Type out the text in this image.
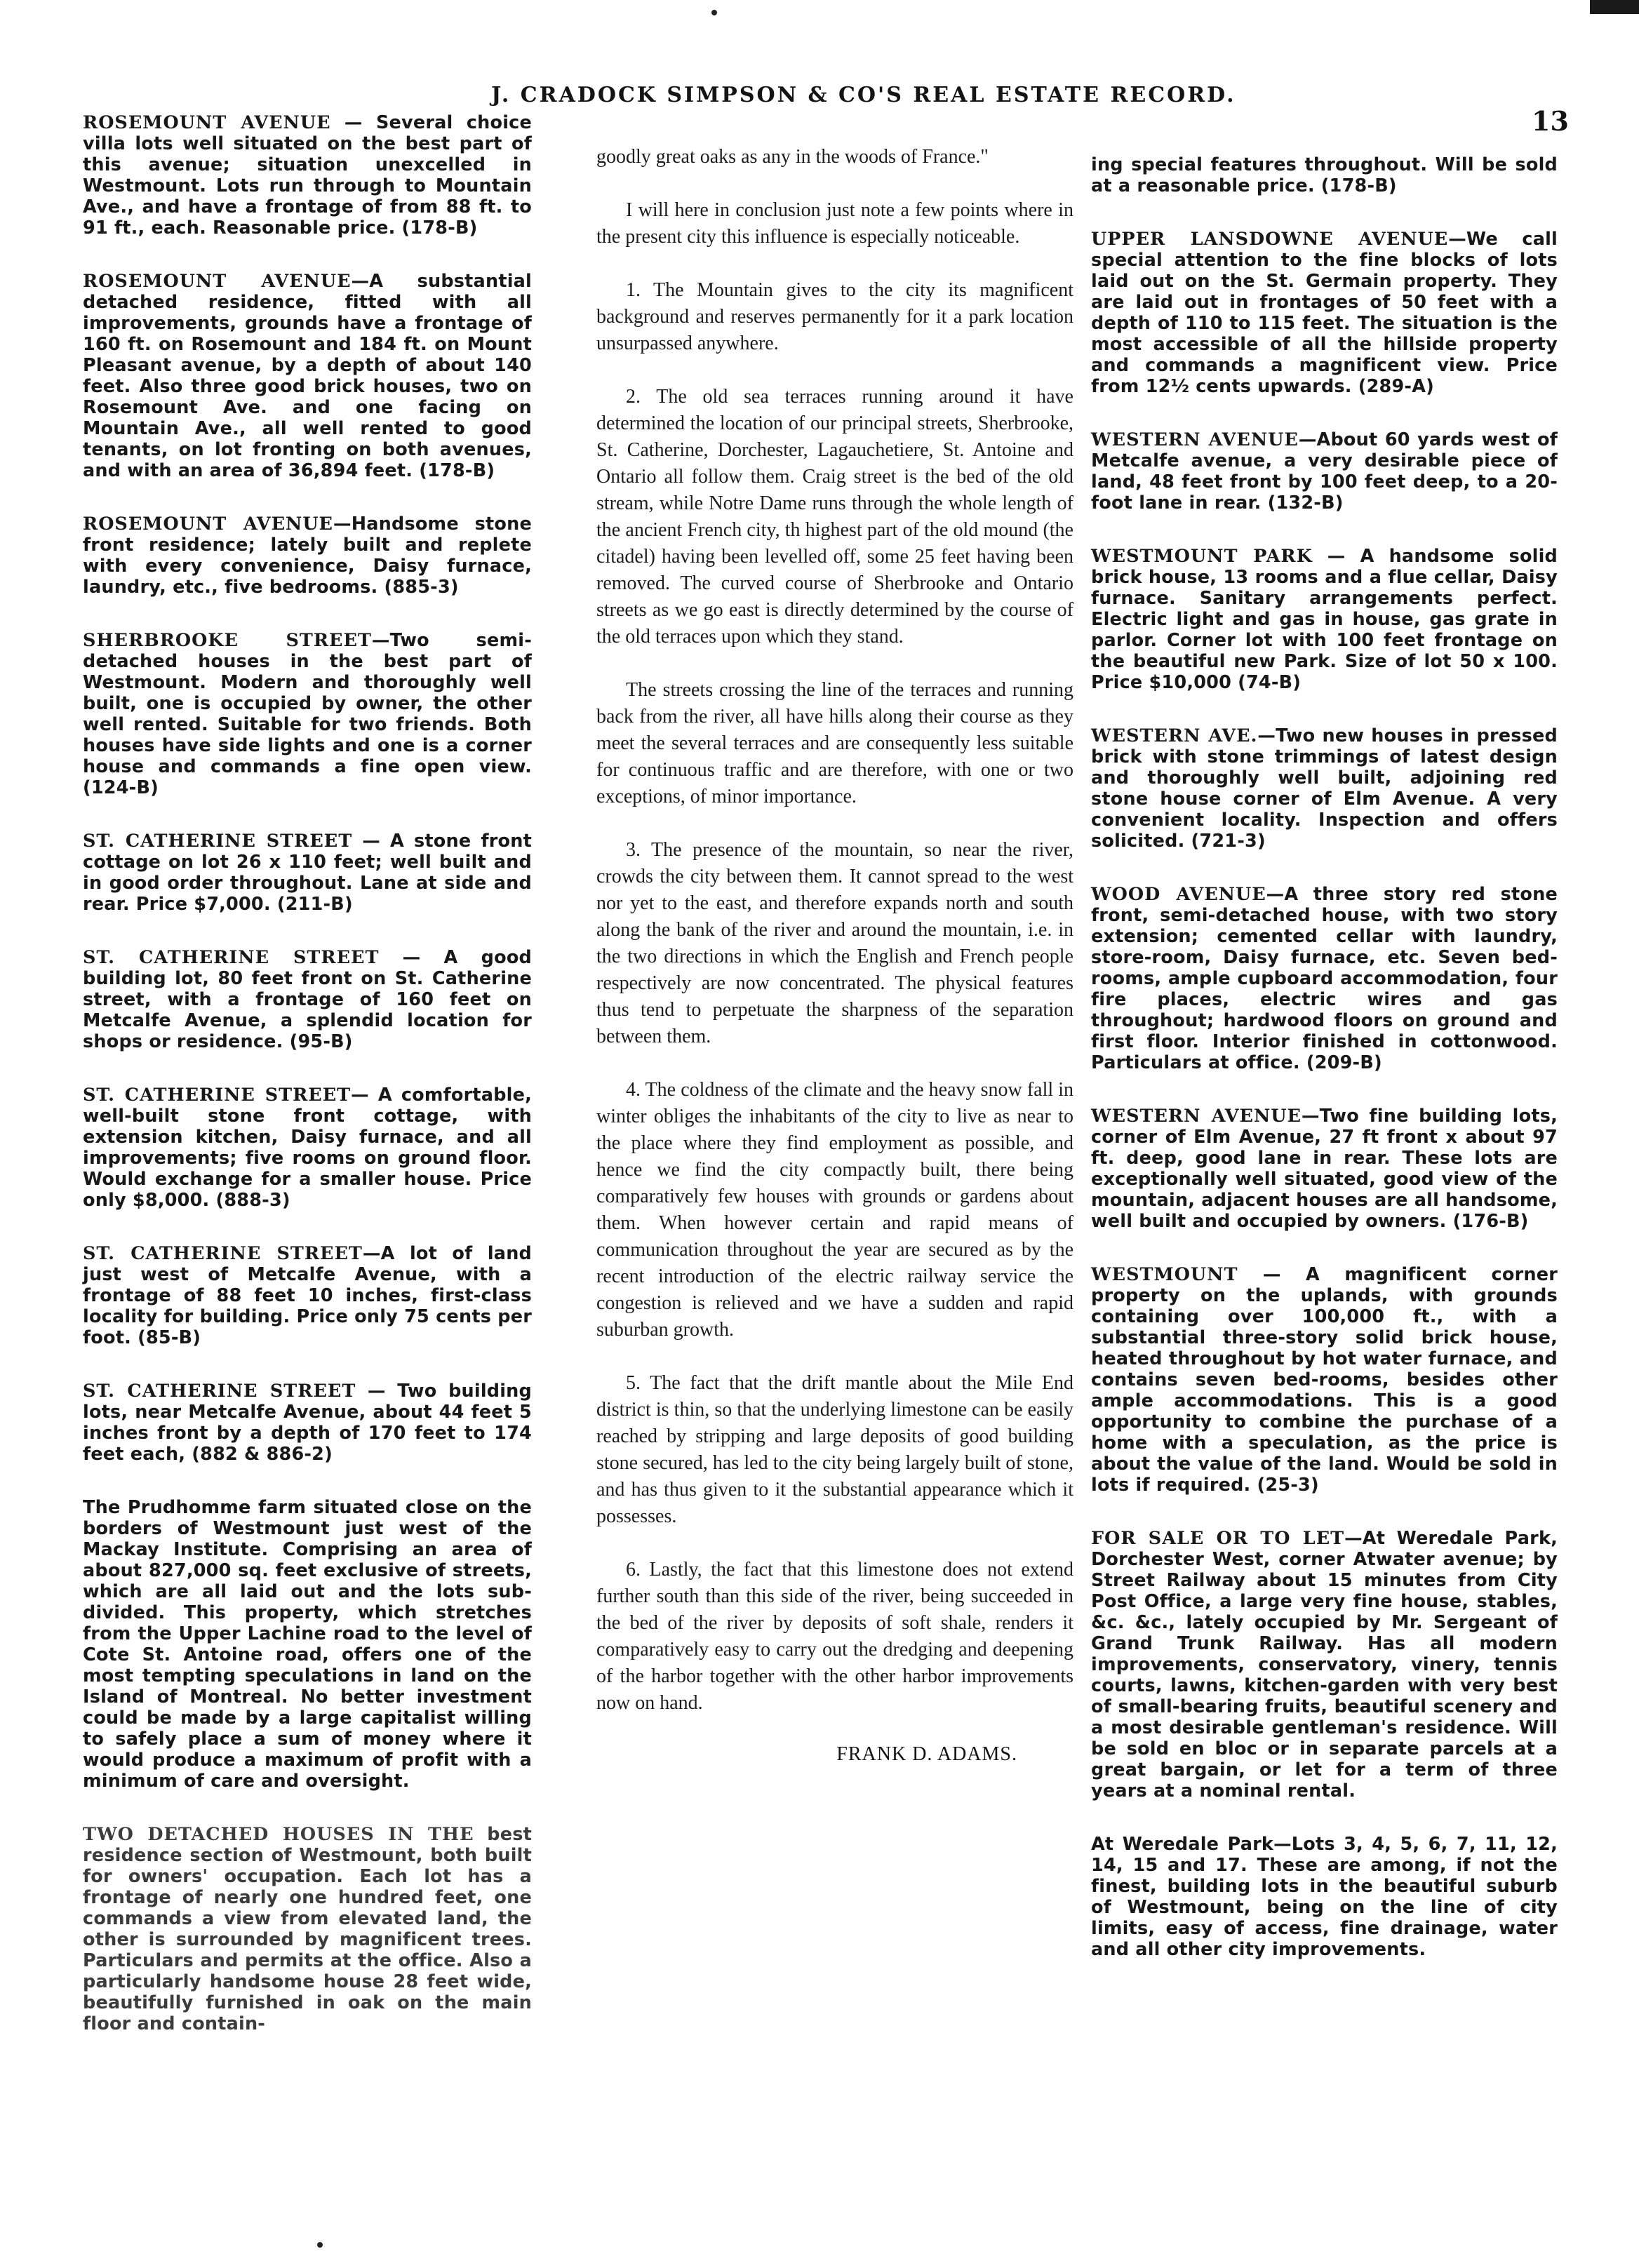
J. CRADOCK SIMPSON & CO'S REAL ESTATE RECORD.
13

ROSEMOUNT AVENUE — Several choice villa lots well situated on the best part of this avenue; situation unexcelled in Westmount. Lots run through to Mountain Ave., and have a frontage of from 88 ft. to 91 ft., each. Reasonable price. (178-B)

ROSEMOUNT AVENUE—A substantial detached residence, fitted with all improvements, grounds have a frontage of 160 ft. on Rosemount and 184 ft. on Mount Pleasant avenue, by a depth of about 140 feet. Also three good brick houses, two on Rosemount Ave. and one facing on Mountain Ave., all well rented to good tenants, on lot fronting on both avenues, and with an area of 36,894 feet. (178-B)

ROSEMOUNT AVENUE—Handsome stone front residence; lately built and replete with every convenience, Daisy furnace, laundry, etc., five bedrooms. (885-3)

SHERBROOKE STREET—Two semi-detached houses in the best part of Westmount. Modern and thoroughly well built, one is occupied by owner, the other well rented. Suitable for two friends. Both houses have side lights and one is a corner house and commands a fine open view. (124-B)

ST. CATHERINE STREET — A stone front cottage on lot 26 x 110 feet; well built and in good order throughout. Lane at side and rear. Price $7,000. (211-B)

ST. CATHERINE STREET — A good building lot, 80 feet front on St. Catherine street, with a frontage of 160 feet on Metcalfe Avenue, a splendid location for shops or residence. (95-B)

ST. CATHERINE STREET— A comfortable, well-built stone front cottage, with extension kitchen, Daisy furnace, and all improvements; five rooms on ground floor. Would exchange for a smaller house. Price only $8,000. (888-3)

ST. CATHERINE STREET—A lot of land just west of Metcalfe Avenue, with a frontage of 88 feet 10 inches, first-class locality for building. Price only 75 cents per foot. (85-B)

ST. CATHERINE STREET — Two building lots, near Metcalfe Avenue, about 44 feet 5 inches front by a depth of 170 feet to 174 feet each, (882 & 886-2)

The Prudhomme farm situated close on the borders of Westmount just west of the Mackay Institute. Comprising an area of about 827,000 sq. feet exclusive of streets, which are all laid out and the lots sub-divided. This property, which stretches from the Upper Lachine road to the level of Cote St. Antoine road, offers one of the most tempting speculations in land on the Island of Montreal. No better investment could be made by a large capitalist willing to safely place a sum of money where it would produce a maximum of profit with a minimum of care and oversight.

TWO DETACHED HOUSES IN THE best residence section of Westmount, both built for owners' occupation. Each lot has a frontage of nearly one hundred feet, one commands a view from elevated land, the other is surrounded by magnificent trees. Particulars and permits at the office. Also a particularly handsome house 28 feet wide, beautifully furnished in oak on the main floor and contain-

goodly great oaks as any in the woods of France."

I will here in conclusion just note a few points where in the present city this influence is especially noticeable.

1. The Mountain gives to the city its magnificent background and reserves permanently for it a park location unsurpassed anywhere.

2. The old sea terraces running around it have determined the location of our principal streets, Sherbrooke, St. Catherine, Dorchester, Lagauchetiere, St. Antoine and Ontario all follow them. Craig street is the bed of the old stream, while Notre Dame runs through the whole length of the ancient French city, th highest part of the old mound (the citadel) having been levelled off, some 25 feet having been removed. The curved course of Sherbrooke and Ontario streets as we go east is directly determined by the course of the old terraces upon which they stand.

The streets crossing the line of the terraces and running back from the river, all have hills along their course as they meet the several terraces and are consequently less suitable for continuous traffic and are therefore, with one or two exceptions, of minor importance.

3. The presence of the mountain, so near the river, crowds the city between them. It cannot spread to the west nor yet to the east, and therefore expands north and south along the bank of the river and around the mountain, i.e. in the two directions in which the English and French people respectively are now concentrated. The physical features thus tend to perpetuate the sharpness of the separation between them.

4. The coldness of the climate and the heavy snow fall in winter obliges the inhabitants of the city to live as near to the place where they find employment as possible, and hence we find the city compactly built, there being comparatively few houses with grounds or gardens about them. When however certain and rapid means of communication throughout the year are secured as by the recent introduction of the electric railway service the congestion is relieved and we have a sudden and rapid suburban growth.

5. The fact that the drift mantle about the Mile End district is thin, so that the underlying limestone can be easily reached by stripping and large deposits of good building stone secured, has led to the city being largely built of stone, and has thus given to it the substantial appearance which it possesses.

6. Lastly, the fact that this limestone does not extend further south than this side of the river, being succeeded in the bed of the river by deposits of soft shale, renders it comparatively easy to carry out the dredging and deepening of the harbor together with the other harbor improvements now on hand.

FRANK D. ADAMS.

ing special features throughout. Will be sold at a reasonable price. (178-B)

UPPER LANSDOWNE AVENUE—We call special attention to the fine blocks of lots laid out on the St. Germain property. They are laid out in frontages of 50 feet with a depth of 110 to 115 feet. The situation is the most accessible of all the hillside property and commands a magnificent view. Price from 12½ cents upwards. (289-A)

WESTERN AVENUE—About 60 yards west of Metcalfe avenue, a very desirable piece of land, 48 feet front by 100 feet deep, to a 20-foot lane in rear. (132-B)

WESTMOUNT PARK — A handsome solid brick house, 13 rooms and a flue cellar, Daisy furnace. Sanitary arrangements perfect. Electric light and gas in house, gas grate in parlor. Corner lot with 100 feet frontage on the beautiful new Park. Size of lot 50 x 100. Price $10,000 (74-B)

WESTERN AVE.—Two new houses in pressed brick with stone trimmings of latest design and thoroughly well built, adjoining red stone house corner of Elm Avenue. A very convenient locality. Inspection and offers solicited. (721-3)

WOOD AVENUE—A three story red stone front, semi-detached house, with two story extension; cemented cellar with laundry, store-room, Daisy furnace, etc. Seven bed-rooms, ample cupboard accommodation, four fire places, electric wires and gas throughout; hardwood floors on ground and first floor. Interior finished in cottonwood. Particulars at office. (209-B)

WESTERN AVENUE—Two fine building lots, corner of Elm Avenue, 27 ft front x about 97 ft. deep, good lane in rear. These lots are exceptionally well situated, good view of the mountain, adjacent houses are all handsome, well built and occupied by owners. (176-B)

WESTMOUNT — A magnificent corner property on the uplands, with grounds containing over 100,000 ft., with a substantial three-story solid brick house, heated throughout by hot water furnace, and contains seven bed-rooms, besides other ample accommodations. This is a good opportunity to combine the purchase of a home with a speculation, as the price is about the value of the land. Would be sold in lots if required. (25-3)

FOR SALE OR TO LET—At Weredale Park, Dorchester West, corner Atwater avenue; by Street Railway about 15 minutes from City Post Office, a large very fine house, stables, &c. &c., lately occupied by Mr. Sergeant of Grand Trunk Railway. Has all modern improvements, conservatory, vinery, tennis courts, lawns, kitchen-garden with very best of small-bearing fruits, beautiful scenery and a most desirable gentleman's residence. Will be sold en bloc or in separate parcels at a great bargain, or let for a term of three years at a nominal rental.

At Weredale Park—Lots 3, 4, 5, 6, 7, 11, 12, 14, 15 and 17. These are among, if not the finest, building lots in the beautiful suburb of Westmount, being on the line of city limits, easy of access, fine drainage, water and all other city improvements.
